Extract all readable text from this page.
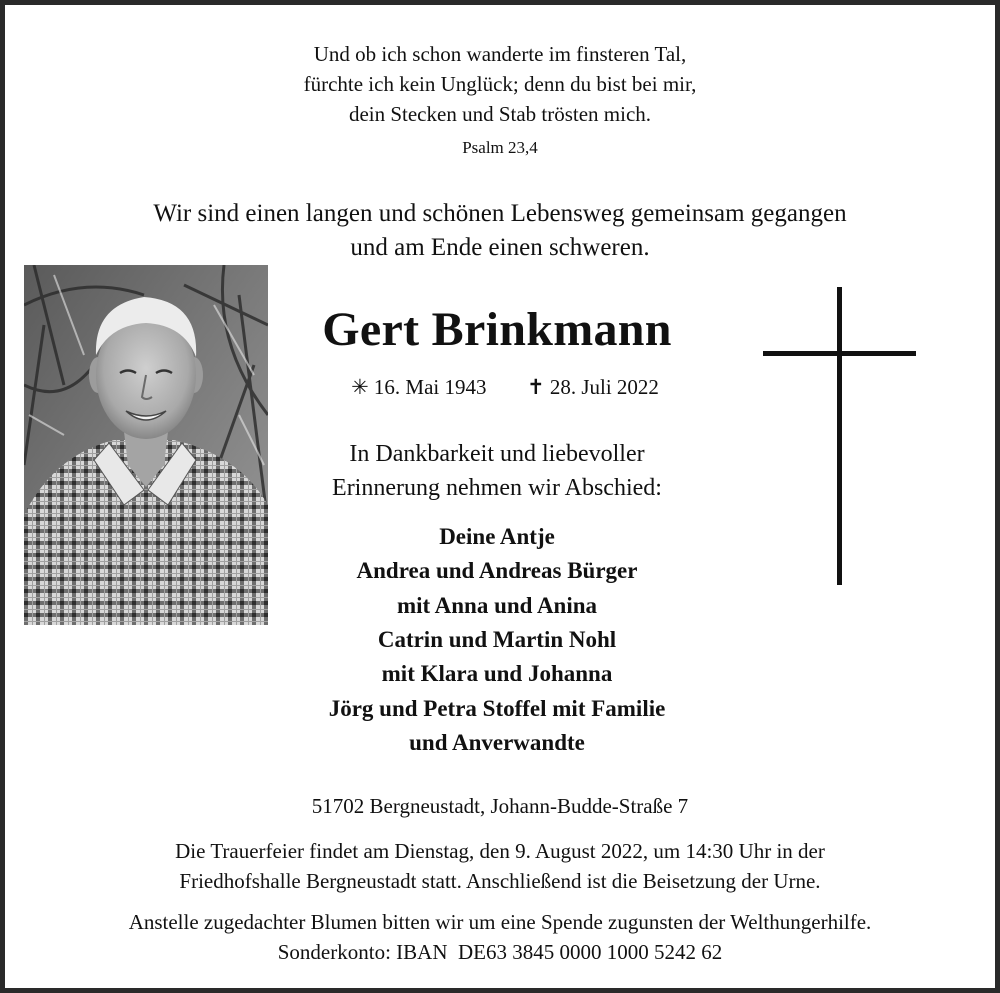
Und ob ich schon wanderte im finsteren Tal,
fürchte ich kein Unglück; denn du bist bei mir,
dein Stecken und Stab trösten mich.
Psalm 23,4
Wir sind einen langen und schönen Lebensweg gemeinsam gegangen
und am Ende einen schweren.
Gert Brinkmann
✳ 16. Mai 1943 ✝ 28. Juli 2022
In Dankbarkeit und liebevoller
Erinnerung nehmen wir Abschied:
Deine Antje
Andrea und Andreas Bürger
mit Anna und Anina
Catrin und Martin Nohl
mit Klara und Johanna
Jörg und Petra Stoffel mit Familie
und Anverwandte
51702 Bergneustadt, Johann-Budde-Straße 7
Die Trauerfeier findet am Dienstag, den 9. August 2022, um 14:30 Uhr in der
Friedhofshalle Bergneustadt statt. Anschließend ist die Beisetzung der Urne.
Anstelle zugedachter Blumen bitten wir um eine Spende zugunsten der Welthungerhilfe.
Sonderkonto: IBAN  DE63 3845 0000 1000 5242 62
